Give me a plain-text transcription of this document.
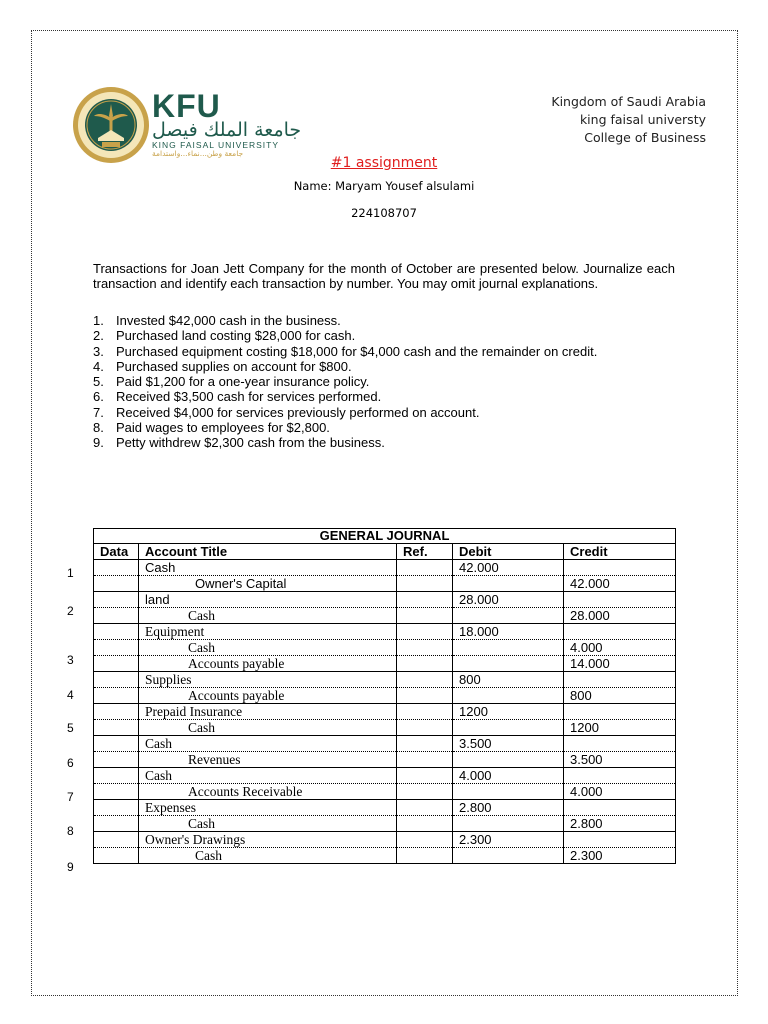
KFU
جامعة الملك فيصل
KING FAISAL UNIVERSITY
جامعة وطن...نماء...واستدامة
Kingdom of Saudi Arabia
king faisal universty
College of Business
#1 assignment
Name: Maryam Yousef alsulami
224108707
Transactions for Joan Jett Company for the month of October are presented below. Journalize each transaction and identify each transaction by number. You may omit journal explanations.
1. Invested $42,000 cash in the business.
2. Purchased land costing $28,000 for cash.
3. Purchased equipment costing $18,000 for $4,000 cash and the remainder on credit.
4. Purchased supplies on account for $800.
5. Paid $1,200 for a one-year insurance policy.
6. Received $3,500 cash for services performed.
7. Received $4,000 for services previously performed on account.
8. Paid wages to employees for $2,800.
9. Petty withdrew $2,300 cash from the business.
1
2
3
4
5
6
7
8
9
GENERAL JOURNAL				
Data	Account Title	Ref.	Debit	Credit
	Cash		42.000	
	Owner's Capital			42.000
	land		28.000	
	Cash			28.000
	Equipment		18.000	
	Cash			4.000
	Accounts payable			14.000
	Supplies		800	
	Accounts payable			800
	Prepaid Insurance		1200	
	Cash			1200
	Cash		3.500	
	Revenues			3.500
	Cash		4.000	
	Accounts Receivable			4.000
	Expenses		2.800	
	Cash			2.800
	Owner's Drawings		2.300	
	Cash			2.300
